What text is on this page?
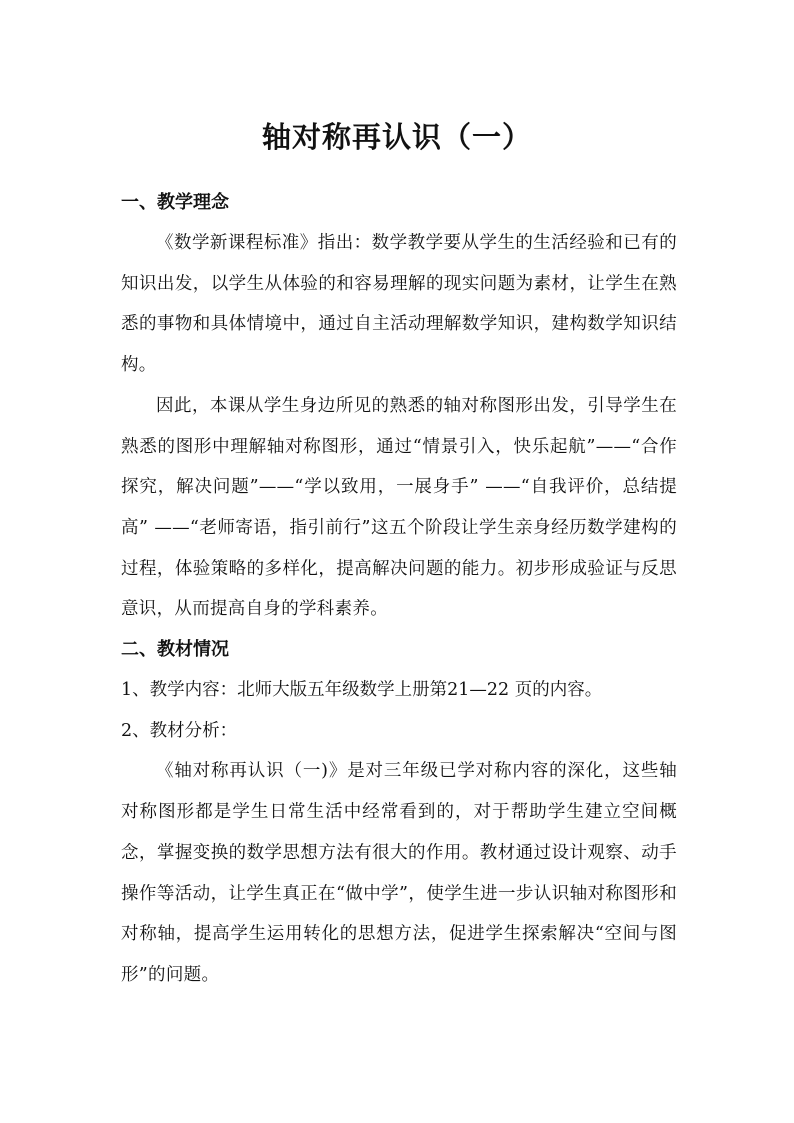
轴对称再认识（一）
一、教学理念

《数学新课程标准》指出：数学教学要从学生的生活经验和已有的知识出发，以学生从体验的和容易理解的现实问题为素材，让学生在熟悉的事物和具体情境中，通过自主活动理解数学知识，建构数学知识结构。

因此，本课从学生身边所见的熟悉的轴对称图形出发，引导学生在熟悉的图形中理解轴对称图形，通过“情景引入，快乐起航”——“合作探究，解决问题”——“学以致用，一展身手” ——“自我评价，总结提高” ——“老师寄语，指引前行”这五个阶段让学生亲身经历数学建构的过程，体验策略的多样化，提高解决问题的能力。初步形成验证与反思意识，从而提高自身的学科素养。

二、教材情况

1、教学内容：北师大版五年级数学上册第21—22 页的内容。

2、教材分析：

《轴对称再认识（一)》是对三年级已学对称内容的深化，这些轴对称图形都是学生日常生活中经常看到的，对于帮助学生建立空间概念，掌握变换的数学思想方法有很大的作用。教材通过设计观察、动手操作等活动，让学生真正在“做中学”，使学生进一步认识轴对称图形和对称轴，提高学生运用转化的思想方法，促进学生探索解决“空间与图形”的问题。
